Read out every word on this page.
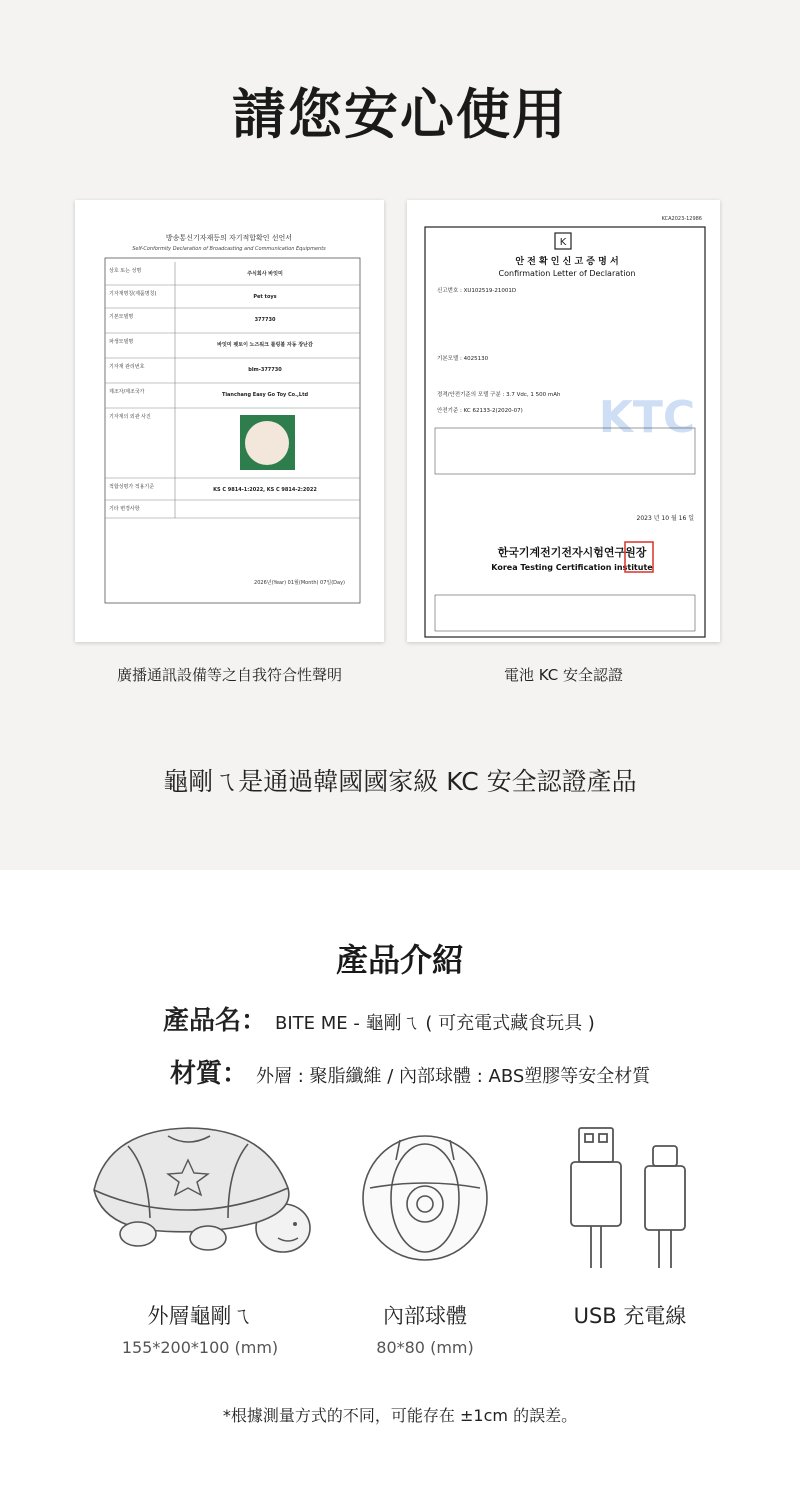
請您安心使用
방송통신기자재등의 자기적합확인 선언서
Self-Conformity Declaration of Broadcasting and Communication Equipments
상호 또는 성명	주식회사 바잇미
기자재명칭(제품명칭)	Pet toys
기본모델명	377730
파생모델명	바잇미 펫토이 노즈워크 롤링볼 자동 장난감
기자재 관리번호	blm-377730
제조자/제조국가	Tianchang Easy Go Toy Co.,Ltd
기자재의 외관 사진
적합성평가 적용기준	KS C 9814-1:2022, KS C 9814-2:2022
기타 변경사항
2026년(Year) 01월(Month) 07일(Day)
廣播通訊設備等之自我符合性聲明
KCA2023-12986
K
안 전 확 인 신 고 증 명 서
Confirmation Letter of Declaration
신고번호 : XU102519-21001D
기본모델 : 4025130
정격/안전기준의 모델 구분 : 3.7 Vdc, 1 500 mAh
안전기준 : KC 62133-2(2020-07) KTC
2023 년 10 월 16 일
한국기계전기전자시험연구원장
Korea Testing Certification institute
電池 KC 安全認證
龜剛ㄟ是通過韓國國家級 KC 安全認證產品
產品介紹
產品名： BITE ME - 龜剛ㄟ ( 可充電式藏食玩具 )
材質： 外層 : 聚脂纖維 / 內部球體 : ABS塑膠等安全材質
外層龜剛ㄟ	內部球體	USB 充電線
155*200*100 (mm)	80*80 (mm)
*根據測量方式的不同，可能存在 ±1cm 的誤差。
